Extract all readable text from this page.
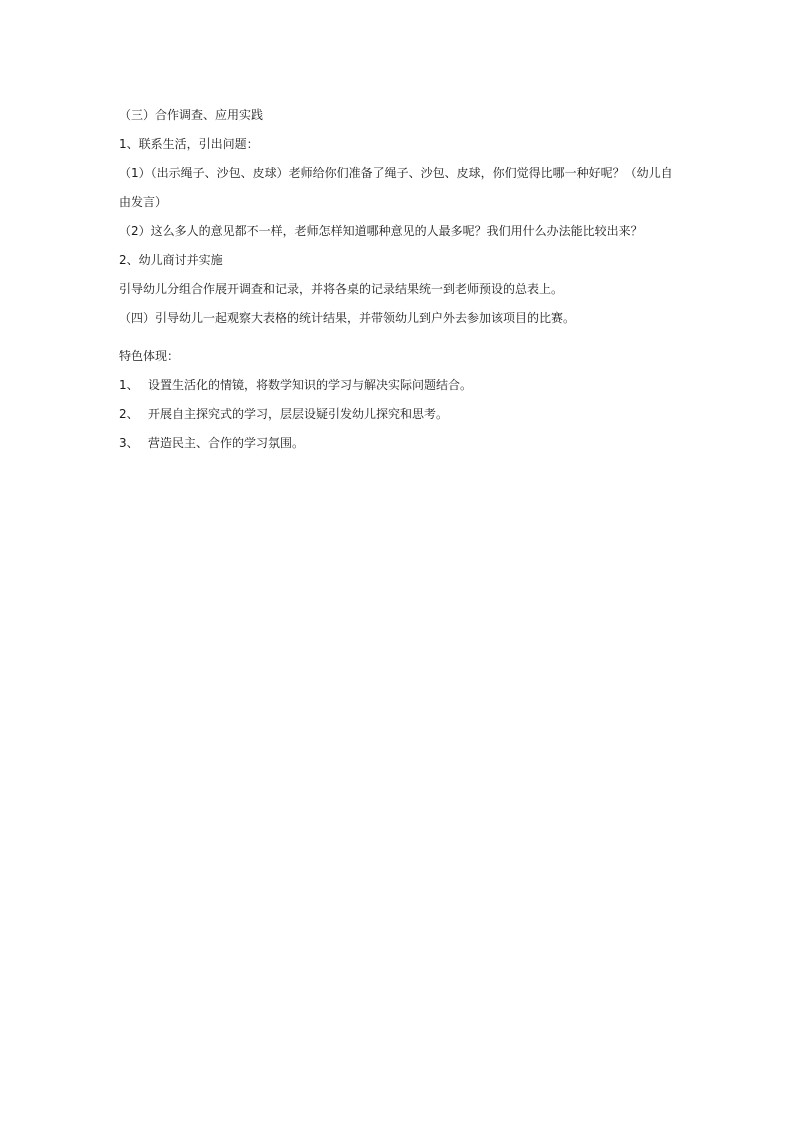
（三）合作调查、应用实践
1、联系生活，引出问题：
（1）（出示绳子、沙包、皮球）老师给你们准备了绳子、沙包、皮球，你们觉得比哪一种好呢？（幼儿自
由发言）
（2）这么多人的意见都不一样，老师怎样知道哪种意见的人最多呢？我们用什么办法能比较出来？
2、幼儿商讨并实施
引导幼儿分组合作展开调查和记录，并将各桌的记录结果统一到老师预设的总表上。
（四）引导幼儿一起观察大表格的统计结果，并带领幼儿到户外去参加该项目的比赛。
特色体现：
1、 设置生活化的情镜，将数学知识的学习与解决实际问题结合。
2、 开展自主探究式的学习，层层设疑引发幼儿探究和思考。
3、 营造民主、合作的学习氛围。
